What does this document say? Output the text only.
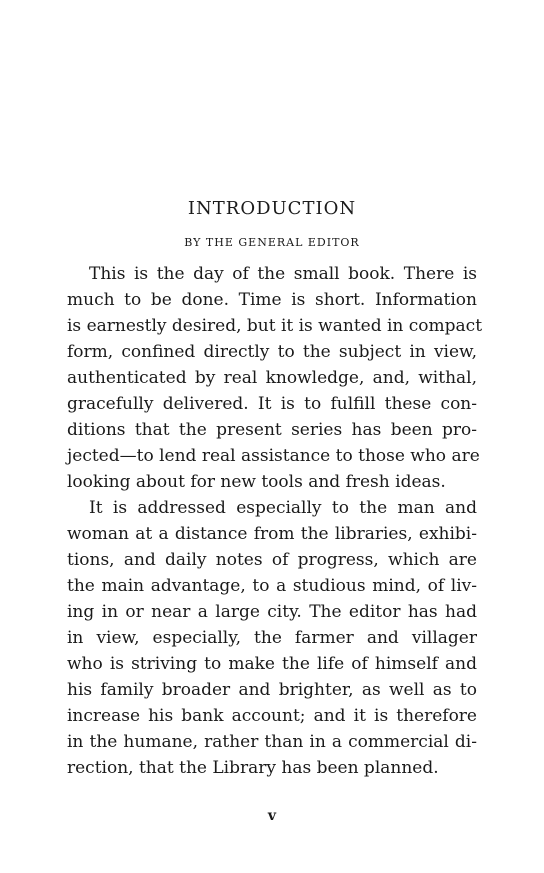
INTRODUCTION

BY THE GENERAL EDITOR

This is the day of the small book. There is
much to be done. Time is short. Information
is earnestly desired, but it is wanted in compact
form, confined directly to the subject in view,
authenticated by real knowledge, and, withal,
gracefully delivered. It is to fulfill these con-
ditions that the present series has been pro-
jected—to lend real assistance to those who are
looking about for new tools and fresh ideas.
It is addressed especially to the man and
woman at a distance from the libraries, exhibi-
tions, and daily notes of progress, which are
the main advantage, to a studious mind, of liv-
ing in or near a large city. The editor has had
in view, especially, the farmer and villager
who is striving to make the life of himself and
his family broader and brighter, as well as to
increase his bank account; and it is therefore
in the humane, rather than in a commercial di-
rection, that the Library has been planned.

v
